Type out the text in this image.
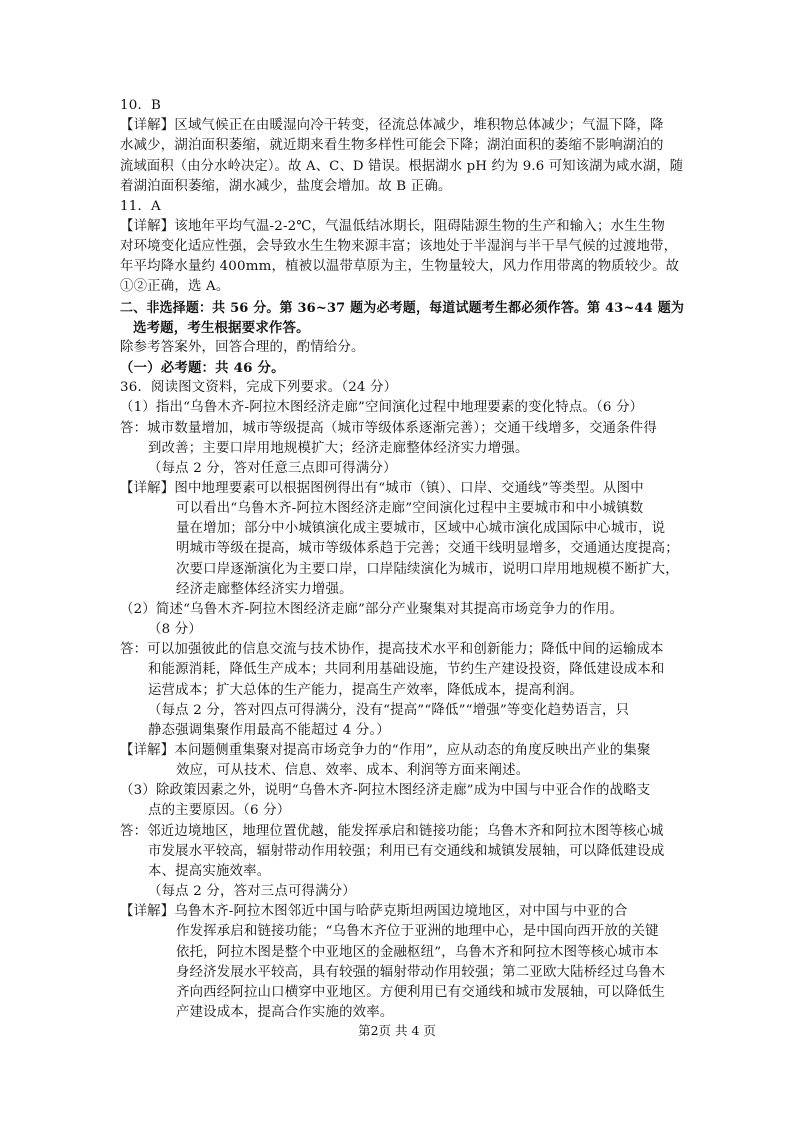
10．B
【详解】区域气候正在由暖湿向冷干转变，径流总体减少，堆积物总体减少；气温下降，降
水减少，湖泊面积萎缩，就近期来看生物多样性可能会下降；湖泊面积的萎缩不影响湖泊的
流域面积（由分水岭决定）。故 A、C、D 错误。根据湖水 pH 约为 9.6 可知该湖为咸水湖，随
着湖泊面积萎缩，湖水减少，盐度会增加。故 B 正确。
11．A
【详解】该地年平均气温-2-2℃，气温低结冰期长，阻碍陆源生物的生产和输入；水生生物
对环境变化适应性强，会导致水生生物来源丰富；该地处于半湿润与半干旱气候的过渡地带，
年平均降水量约 400mm，植被以温带草原为主，生物量较大，风力作用带离的物质较少。故
①②正确，选 A。
二、非选择题：共 56 分。第 36~37 题为必考题，每道试题考生都必须作答。第 43~44 题为
选考题，考生根据要求作答。
除参考答案外，回答合理的，酌情给分。
（一）必考题：共 46 分。
36．阅读图文资料，完成下列要求。（24 分）
（1）指出“乌鲁木齐-阿拉木图经济走廊”空间演化过程中地理要素的变化特点。（6 分）
答：城市数量增加，城市等级提高（城市等级体系逐渐完善）；交通干线增多，交通条件得
到改善；主要口岸用地规模扩大；经济走廊整体经济实力增强。
（每点 2 分，答对任意三点即可得满分）
【详解】图中地理要素可以根据图例得出有“城市（镇）、口岸、交通线”等类型。从图中
可以看出“乌鲁木齐-阿拉木图经济走廊”空间演化过程中主要城市和中小城镇数
量在增加；部分中小城镇演化成主要城市，区域中心城市演化成国际中心城市，说
明城市等级在提高，城市等级体系趋于完善；交通干线明显增多，交通通达度提高；
次要口岸逐渐演化为主要口岸，口岸陆续演化为城市，说明口岸用地规模不断扩大，
经济走廊整体经济实力增强。
（2）简述“乌鲁木齐-阿拉木图经济走廊”部分产业聚集对其提高市场竞争力的作用。
（8 分）
答：可以加强彼此的信息交流与技术协作，提高技术水平和创新能力；降低中间的运输成本
和能源消耗，降低生产成本；共同利用基础设施，节约生产建设投资，降低建设成本和
运营成本；扩大总体的生产能力，提高生产效率，降低成本，提高利润。
（每点 2 分，答对四点可得满分，没有“提高”“降低”“增强”等变化趋势语言，只
静态强调集聚作用最高不能超过 4 分。）
【详解】本问题侧重集聚对提高市场竞争力的“作用”，应从动态的角度反映出产业的集聚
效应，可从技术、信息、效率、成本、利润等方面来阐述。
（3）除政策因素之外，说明“乌鲁木齐-阿拉木图经济走廊”成为中国与中亚合作的战略支
点的主要原因。（6 分）
答：邻近边境地区，地理位置优越，能发挥承启和链接功能；乌鲁木齐和阿拉木图等核心城
市发展水平较高，辐射带动作用较强；利用已有交通线和城镇发展轴，可以降低建设成
本、提高实施效率。
（每点 2 分，答对三点可得满分）
【详解】乌鲁木齐-阿拉木图邻近中国与哈萨克斯坦两国边境地区，对中国与中亚的合
作发挥承启和链接功能；“乌鲁木齐位于亚洲的地理中心，是中国向西开放的关键
依托，阿拉木图是整个中亚地区的金融枢纽”，乌鲁木齐和阿拉木图等核心城市本
身经济发展水平较高，具有较强的辐射带动作用较强；第二亚欧大陆桥经过乌鲁木
齐向西经阿拉山口横穿中亚地区。方便利用已有交通线和城市发展轴，可以降低生
产建设成本，提高合作实施的效率。
第2页 共 4 页
